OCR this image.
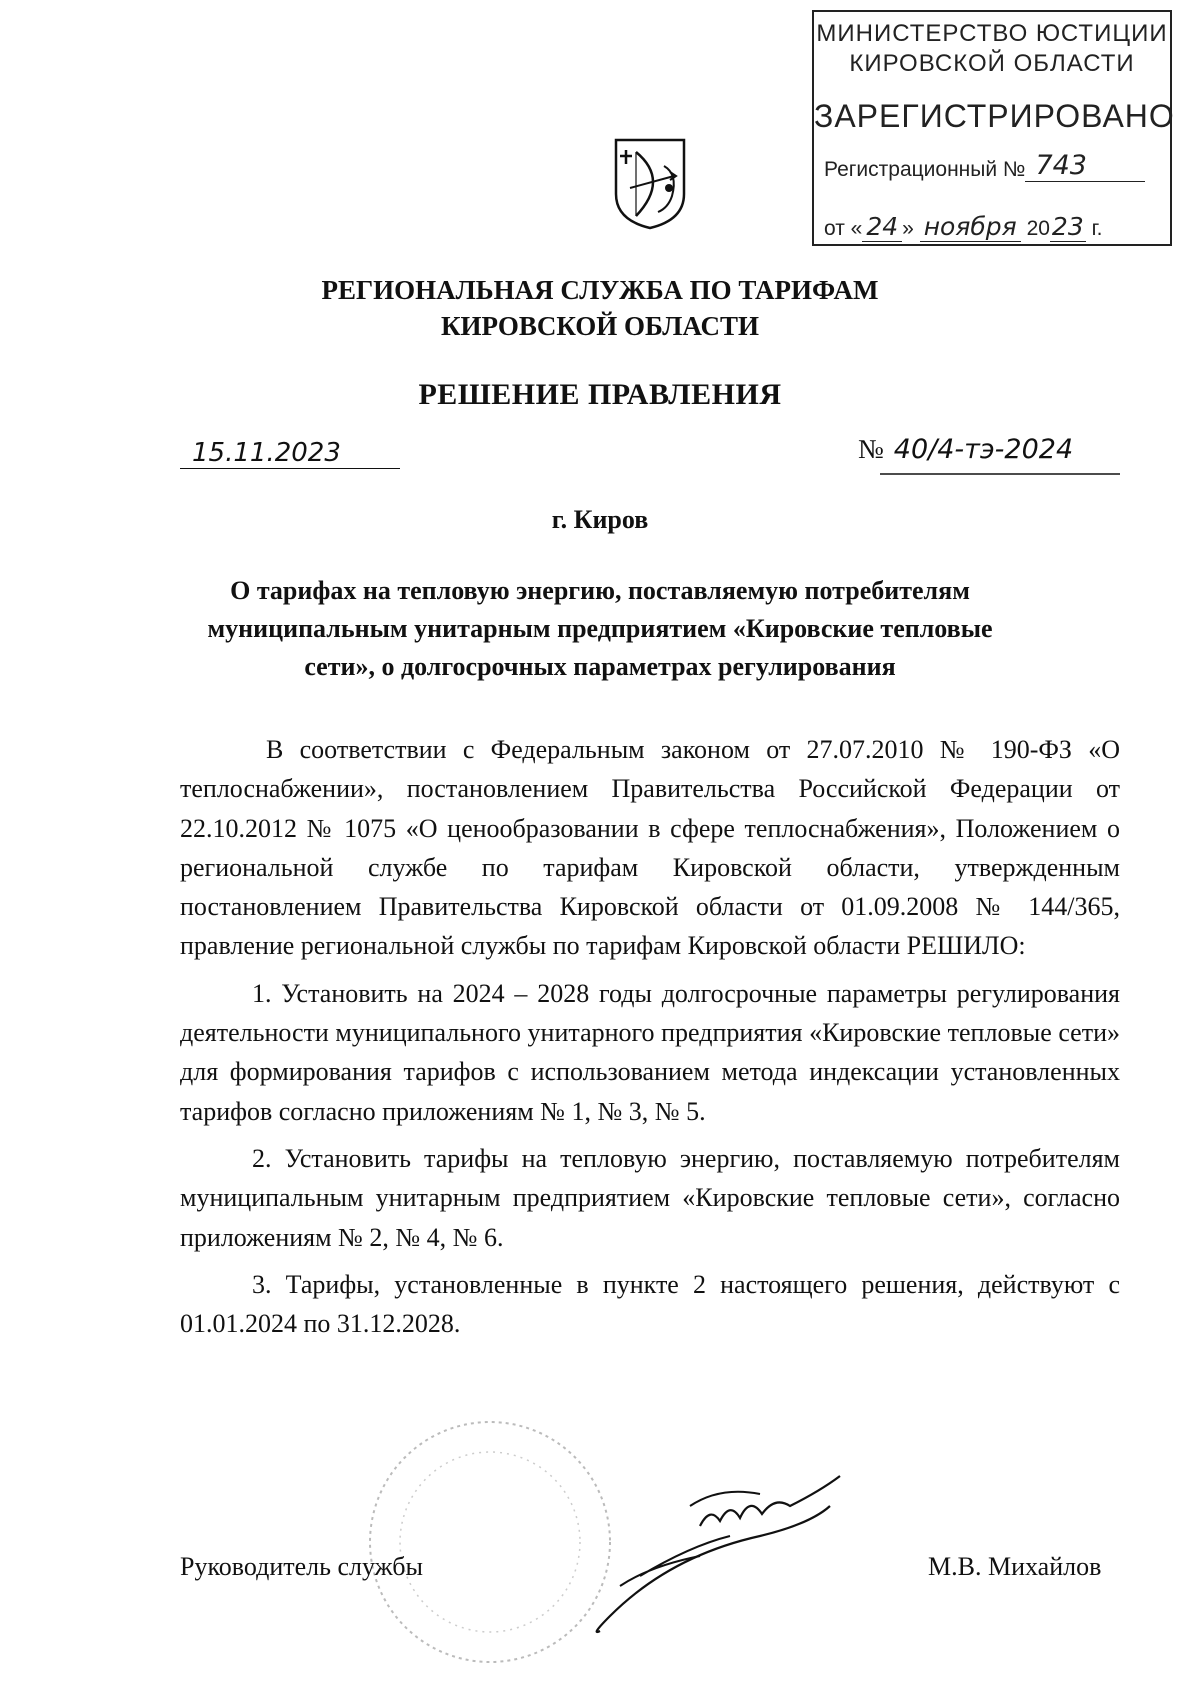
МИНИСТЕРСТВО ЮСТИЦИИ
КИРОВСКОЙ ОБЛАСТИ
ЗАРЕГИСТРИРОВАНО
Регистрационный № 743
от « 24 » ноября 2023 г.
РЕГИОНАЛЬНАЯ СЛУЖБА ПО ТАРИФАМ
КИРОВСКОЙ ОБЛАСТИ
РЕШЕНИЕ ПРАВЛЕНИЯ
15.11.2023	№ 40/4-тэ-2024
г. Киров
О тарифах на тепловую энергию, поставляемую потребителям
муниципальным унитарным предприятием «Кировские тепловые
сети», о долгосрочных параметрах регулирования

В соответствии с Федеральным законом от 27.07.2010 № 190-ФЗ «О теплоснабжении», постановлением Правительства Российской Федерации от 22.10.2012 № 1075 «О ценообразовании в сфере теплоснабжения», Положением о региональной службе по тарифам Кировской области, утвержденным постановлением Правительства Кировской области от 01.09.2008 № 144/365, правление региональной службы по тарифам Кировской области РЕШИЛО:

1. Установить на 2024 – 2028 годы долгосрочные параметры регулирования деятельности муниципального унитарного предприятия «Кировские тепловые сети» для формирования тарифов с использованием метода индексации установленных тарифов согласно приложениям № 1, № 3, № 5.

2. Установить тарифы на тепловую энергию, поставляемую потребителям муниципальным унитарным предприятием «Кировские тепловые сети», согласно приложениям № 2, № 4, № 6.

3. Тарифы, установленные в пункте 2 настоящего решения, действуют с 01.01.2024 по 31.12.2028.

Руководитель службы	М.В. Михайлов
